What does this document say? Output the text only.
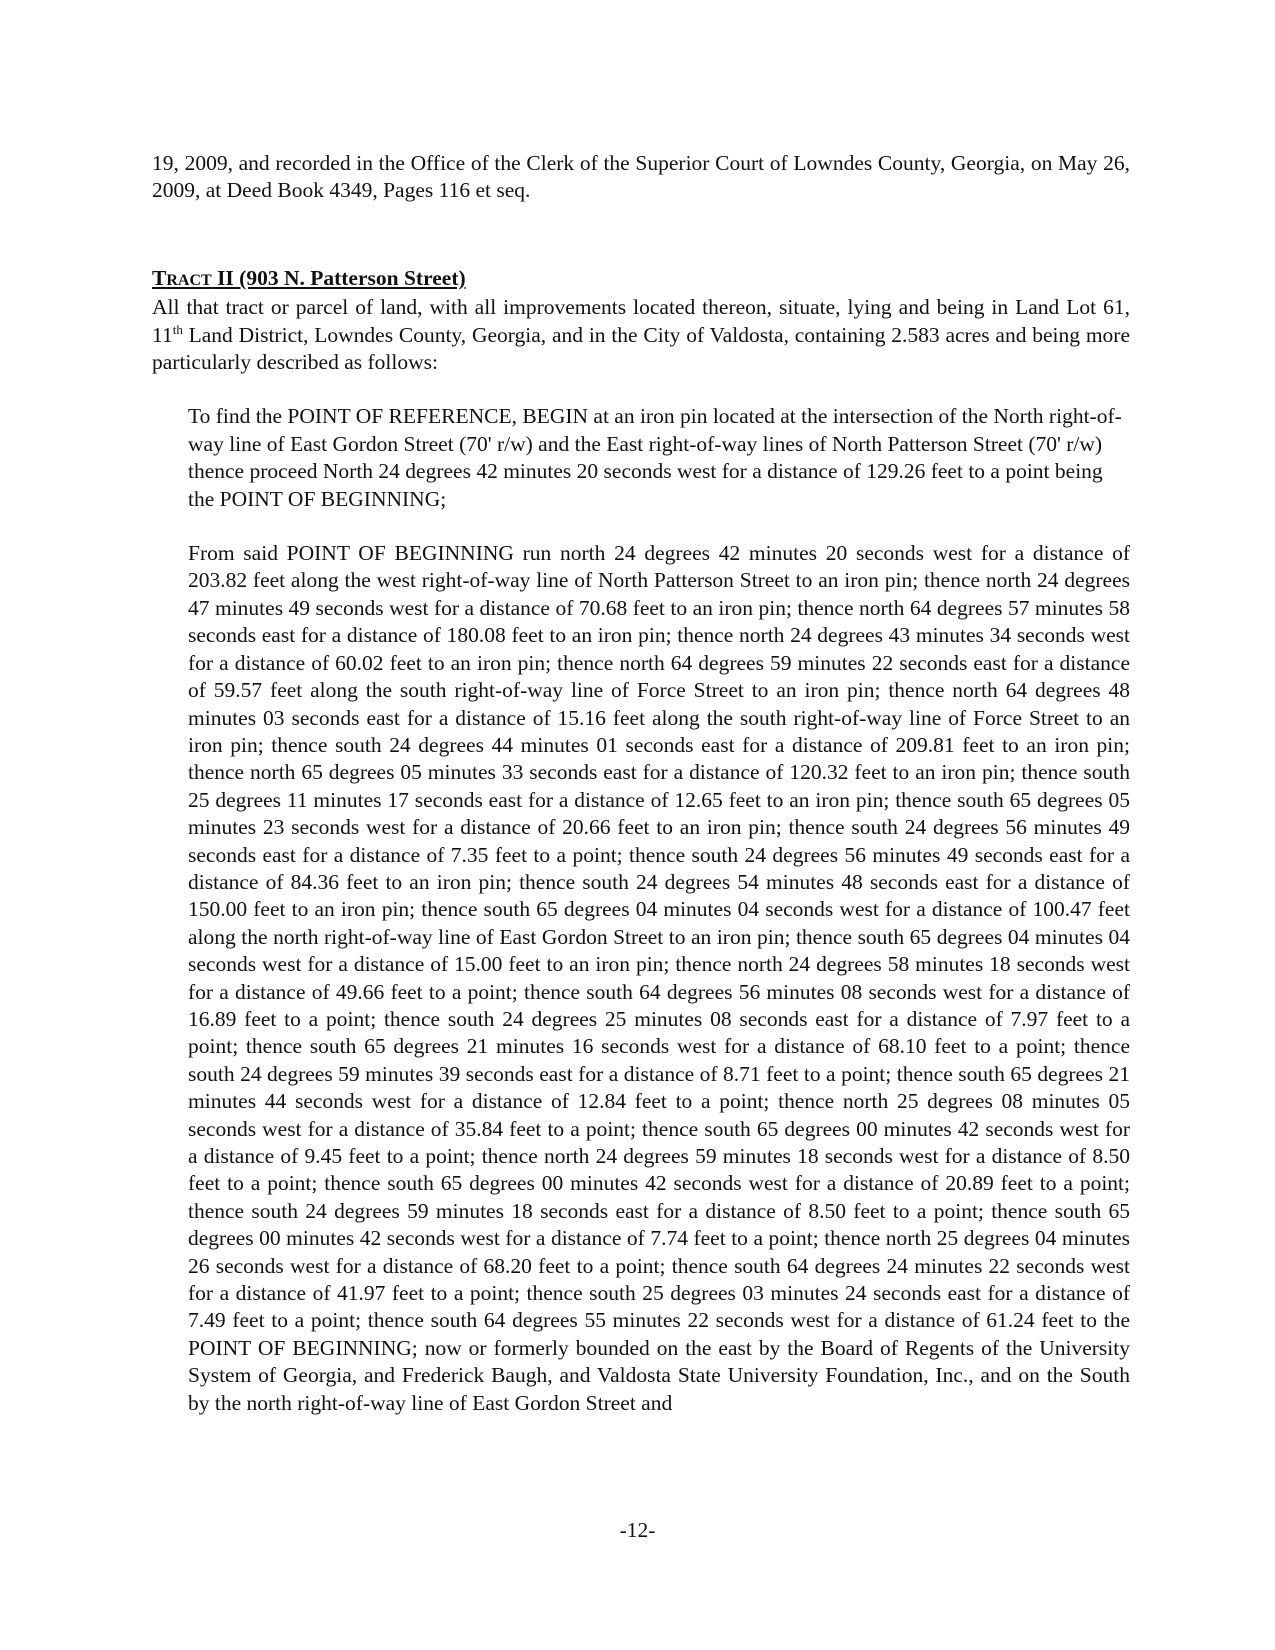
19, 2009, and recorded in the Office of the Clerk of the Superior Court of Lowndes County, Georgia, on May 26, 2009, at Deed Book 4349, Pages 116 et seq.

TRACT II (903 N. Patterson Street)

All that tract or parcel of land, with all improvements located thereon, situate, lying and being in Land Lot 61, 11th Land District, Lowndes County, Georgia, and in the City of Valdosta, containing 2.583 acres and being more particularly described as follows:

To find the POINT OF REFERENCE, BEGIN at an iron pin located at the intersection of the North right-of-way line of East Gordon Street (70' r/w) and the East right-of-way lines of North Patterson Street (70' r/w) thence proceed North 24 degrees 42 minutes 20 seconds west for a distance of 129.26 feet to a point being the POINT OF BEGINNING;

From said POINT OF BEGINNING run north 24 degrees 42 minutes 20 seconds west for a distance of 203.82 feet along the west right-of-way line of North Patterson Street to an iron pin; thence north 24 degrees 47 minutes 49 seconds west for a distance of 70.68 feet to an iron pin; thence north 64 degrees 57 minutes 58 seconds east for a distance of 180.08 feet to an iron pin; thence north 24 degrees 43 minutes 34 seconds west for a distance of 60.02 feet to an iron pin; thence north 64 degrees 59 minutes 22 seconds east for a distance of 59.57 feet along the south right-of-way line of Force Street to an iron pin; thence north 64 degrees 48 minutes 03 seconds east for a distance of 15.16 feet along the south right-of-way line of Force Street to an iron pin; thence south 24 degrees 44 minutes 01 seconds east for a distance of 209.81 feet to an iron pin; thence north 65 degrees 05 minutes 33 seconds east for a distance of 120.32 feet to an iron pin; thence south 25 degrees 11 minutes 17 seconds east for a distance of 12.65 feet to an iron pin; thence south 65 degrees 05 minutes 23 seconds west for a distance of 20.66 feet to an iron pin; thence south 24 degrees 56 minutes 49 seconds east for a distance of 7.35 feet to a point; thence south 24 degrees 56 minutes 49 seconds east for a distance of 84.36 feet to an iron pin; thence south 24 degrees 54 minutes 48 seconds east for a distance of 150.00 feet to an iron pin; thence south 65 degrees 04 minutes 04 seconds west for a distance of 100.47 feet along the north right-of-way line of East Gordon Street to an iron pin; thence south 65 degrees 04 minutes 04 seconds west for a distance of 15.00 feet to an iron pin; thence north 24 degrees 58 minutes 18 seconds west for a distance of 49.66 feet to a point; thence south 64 degrees 56 minutes 08 seconds west for a distance of 16.89 feet to a point; thence south 24 degrees 25 minutes 08 seconds east for a distance of 7.97 feet to a point; thence south 65 degrees 21 minutes 16 seconds west for a distance of 68.10 feet to a point; thence south 24 degrees 59 minutes 39 seconds east for a distance of 8.71 feet to a point; thence south 65 degrees 21 minutes 44 seconds west for a distance of 12.84 feet to a point; thence north 25 degrees 08 minutes 05 seconds west for a distance of 35.84 feet to a point; thence south 65 degrees 00 minutes 42 seconds west for a distance of 9.45 feet to a point; thence north 24 degrees 59 minutes 18 seconds west for a distance of 8.50 feet to a point; thence south 65 degrees 00 minutes 42 seconds west for a distance of 20.89 feet to a point; thence south 24 degrees 59 minutes 18 seconds east for a distance of 8.50 feet to a point; thence south 65 degrees 00 minutes 42 seconds west for a distance of 7.74 feet to a point; thence north 25 degrees 04 minutes 26 seconds west for a distance of 68.20 feet to a point; thence south 64 degrees 24 minutes 22 seconds west for a distance of 41.97 feet to a point; thence south 25 degrees 03 minutes 24 seconds east for a distance of 7.49 feet to a point; thence south 64 degrees 55 minutes 22 seconds west for a distance of 61.24 feet to the POINT OF BEGINNING; now or formerly bounded on the east by the Board of Regents of the University System of Georgia, and Frederick Baugh, and Valdosta State University Foundation, Inc., and on the South by the north right-of-way line of East Gordon Street and

-12-
